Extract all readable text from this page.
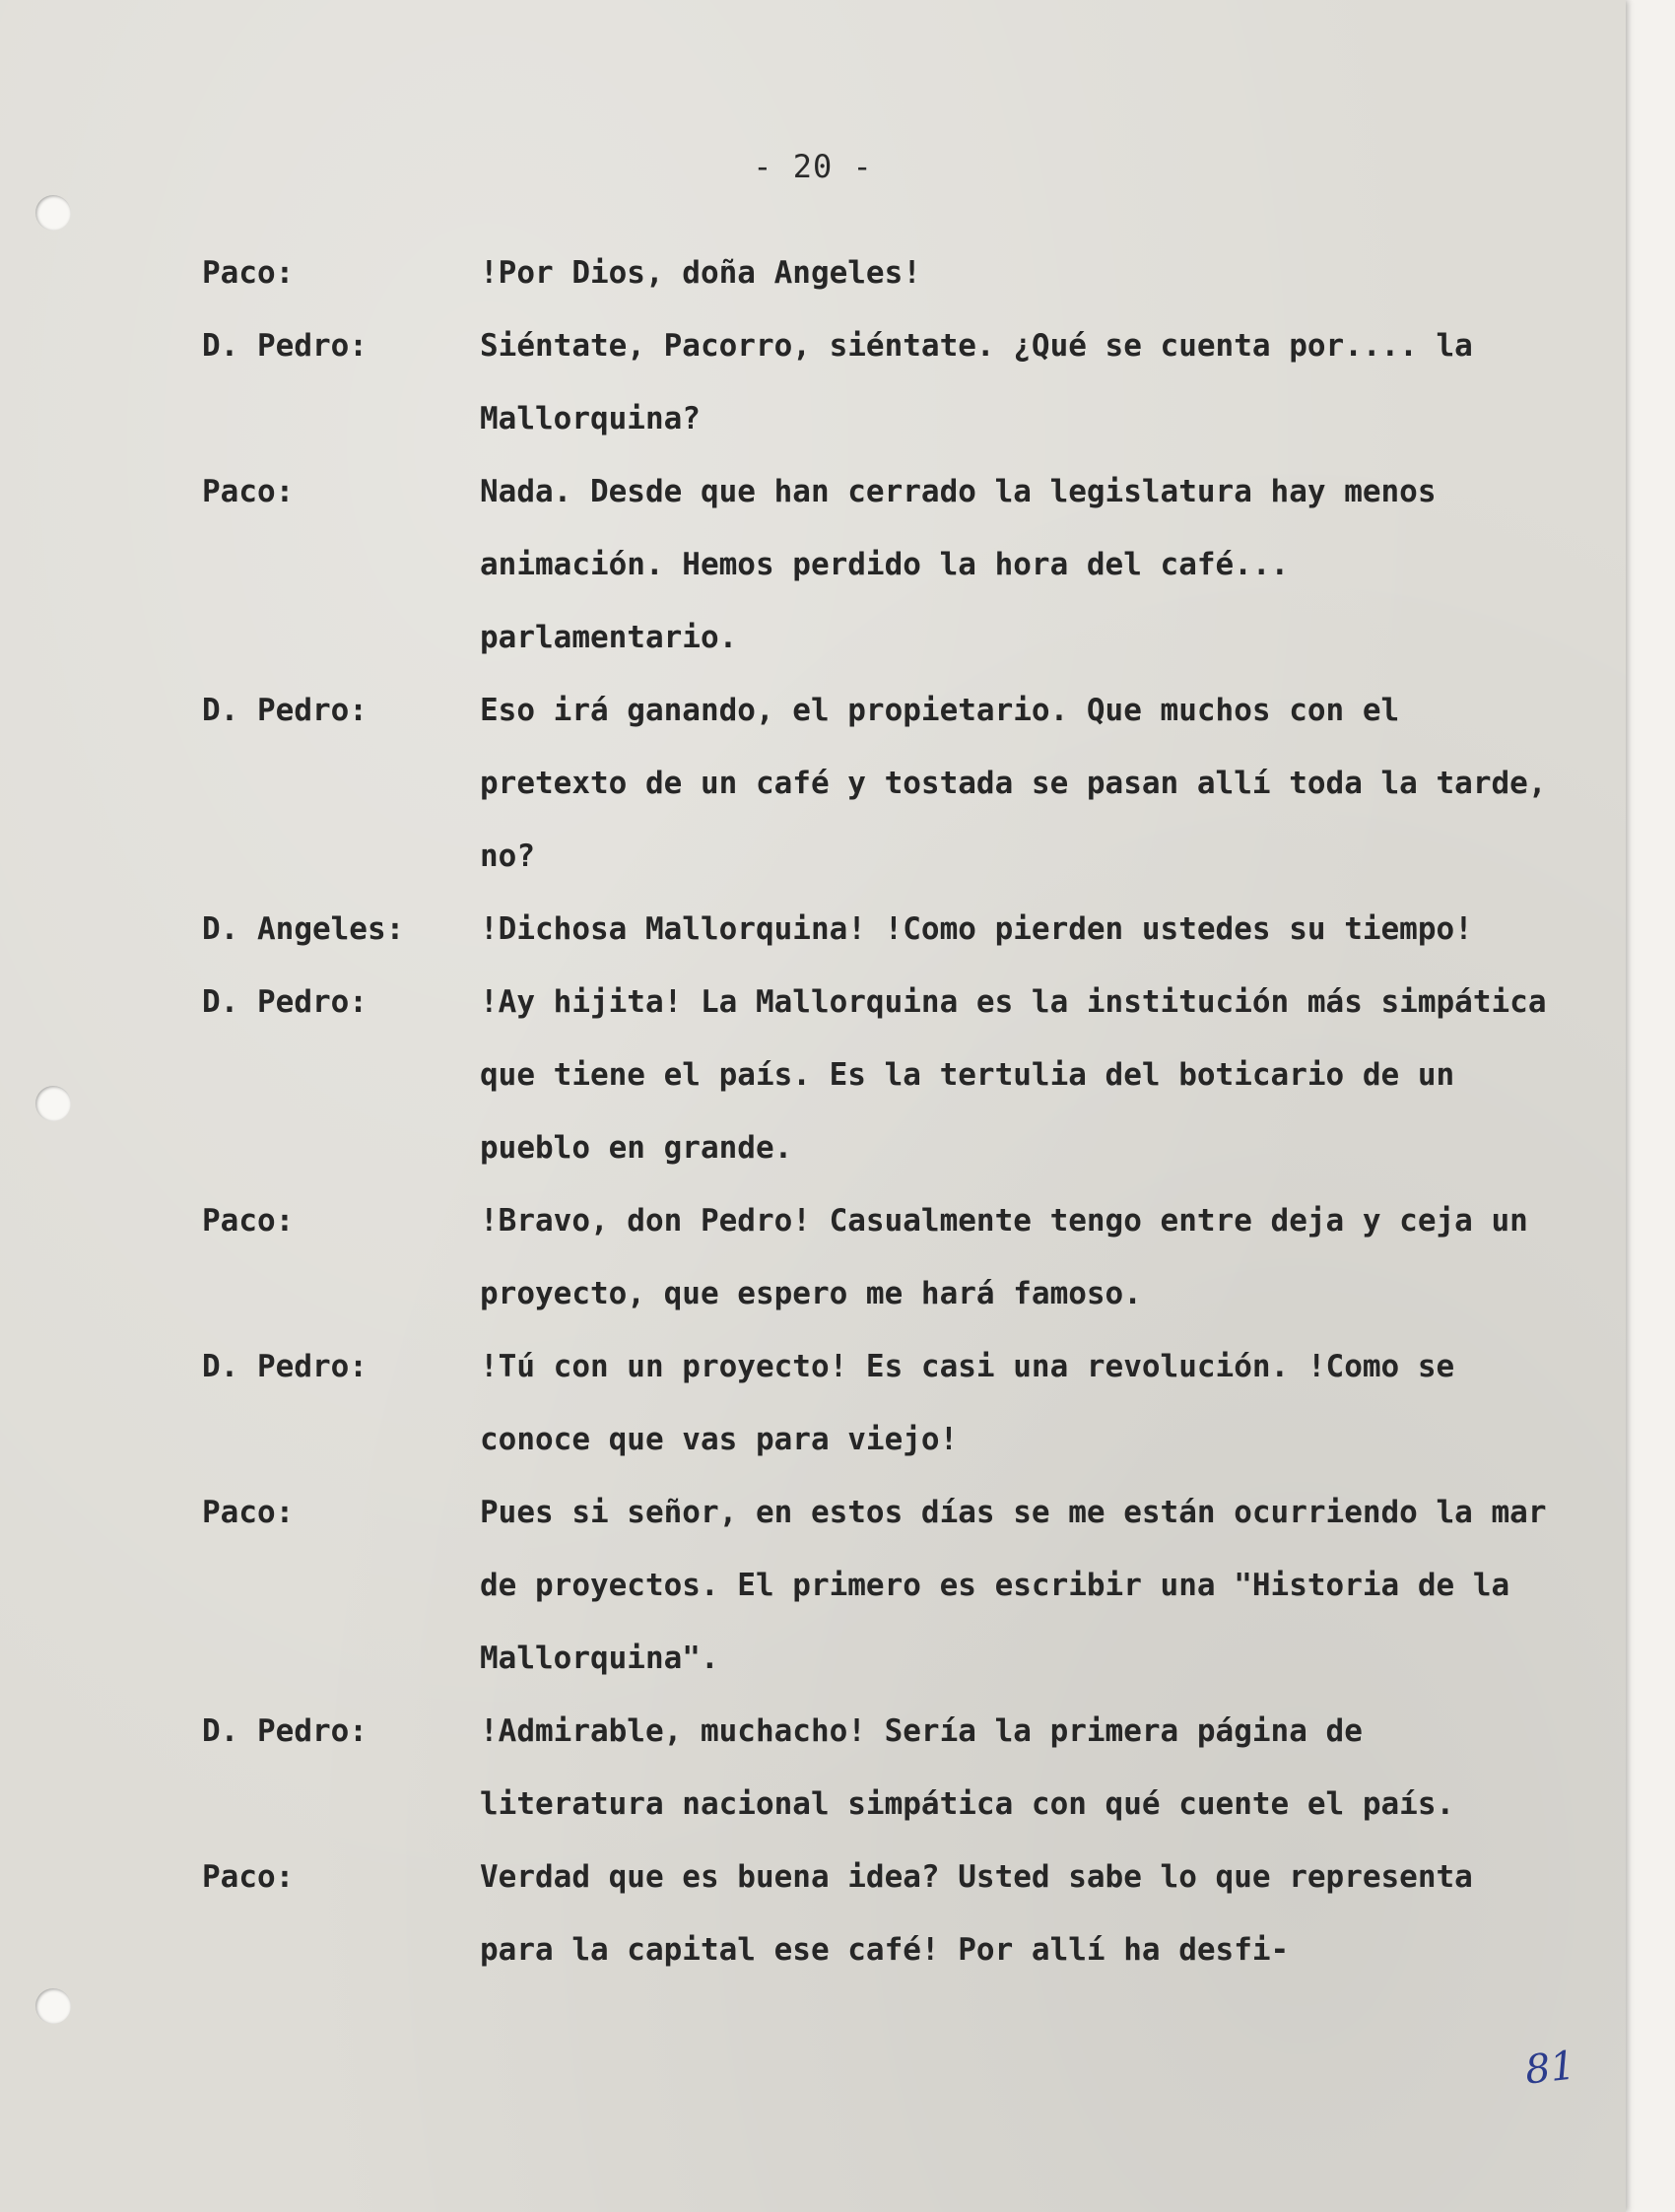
- 20 -
Paco:	!Por Dios, doña Angeles!
D. Pedro:	Siéntate, Pacorro, siéntate. ¿Qué se cuenta por.... la Mallorquina?
Paco:	Nada. Desde que han cerrado la legislatura hay menos animación. Hemos perdido la hora del café... parlamentario.
D. Pedro:	Eso irá ganando, el propietario. Que muchos con el pretexto de un café y tostada se pasan allí toda la tarde, no?
D. Angeles:	!Dichosa Mallorquina! !Como pierden ustedes su tiempo!
D. Pedro:	!Ay hijita! La Mallorquina es la institución más simpática que tiene el país. Es la tertulia del boticario de un pueblo en grande.
Paco:	!Bravo, don Pedro! Casualmente tengo entre deja y ceja un proyecto, que espero me hará famoso.
D. Pedro:	!Tú con un proyecto! Es casi una revolución. !Como se conoce que vas para viejo!
Paco:	Pues si señor, en estos días se me están ocurriendo la mar de proyectos. El primero es escribir una "Historia de la Mallorquina".
D. Pedro:	!Admirable, muchacho! Sería la primera página de literatura nacional simpática con qué cuente el país.
Paco:	Verdad que es buena idea? Usted sabe lo que representa para la capital ese café! Por allí ha desfi-
81
